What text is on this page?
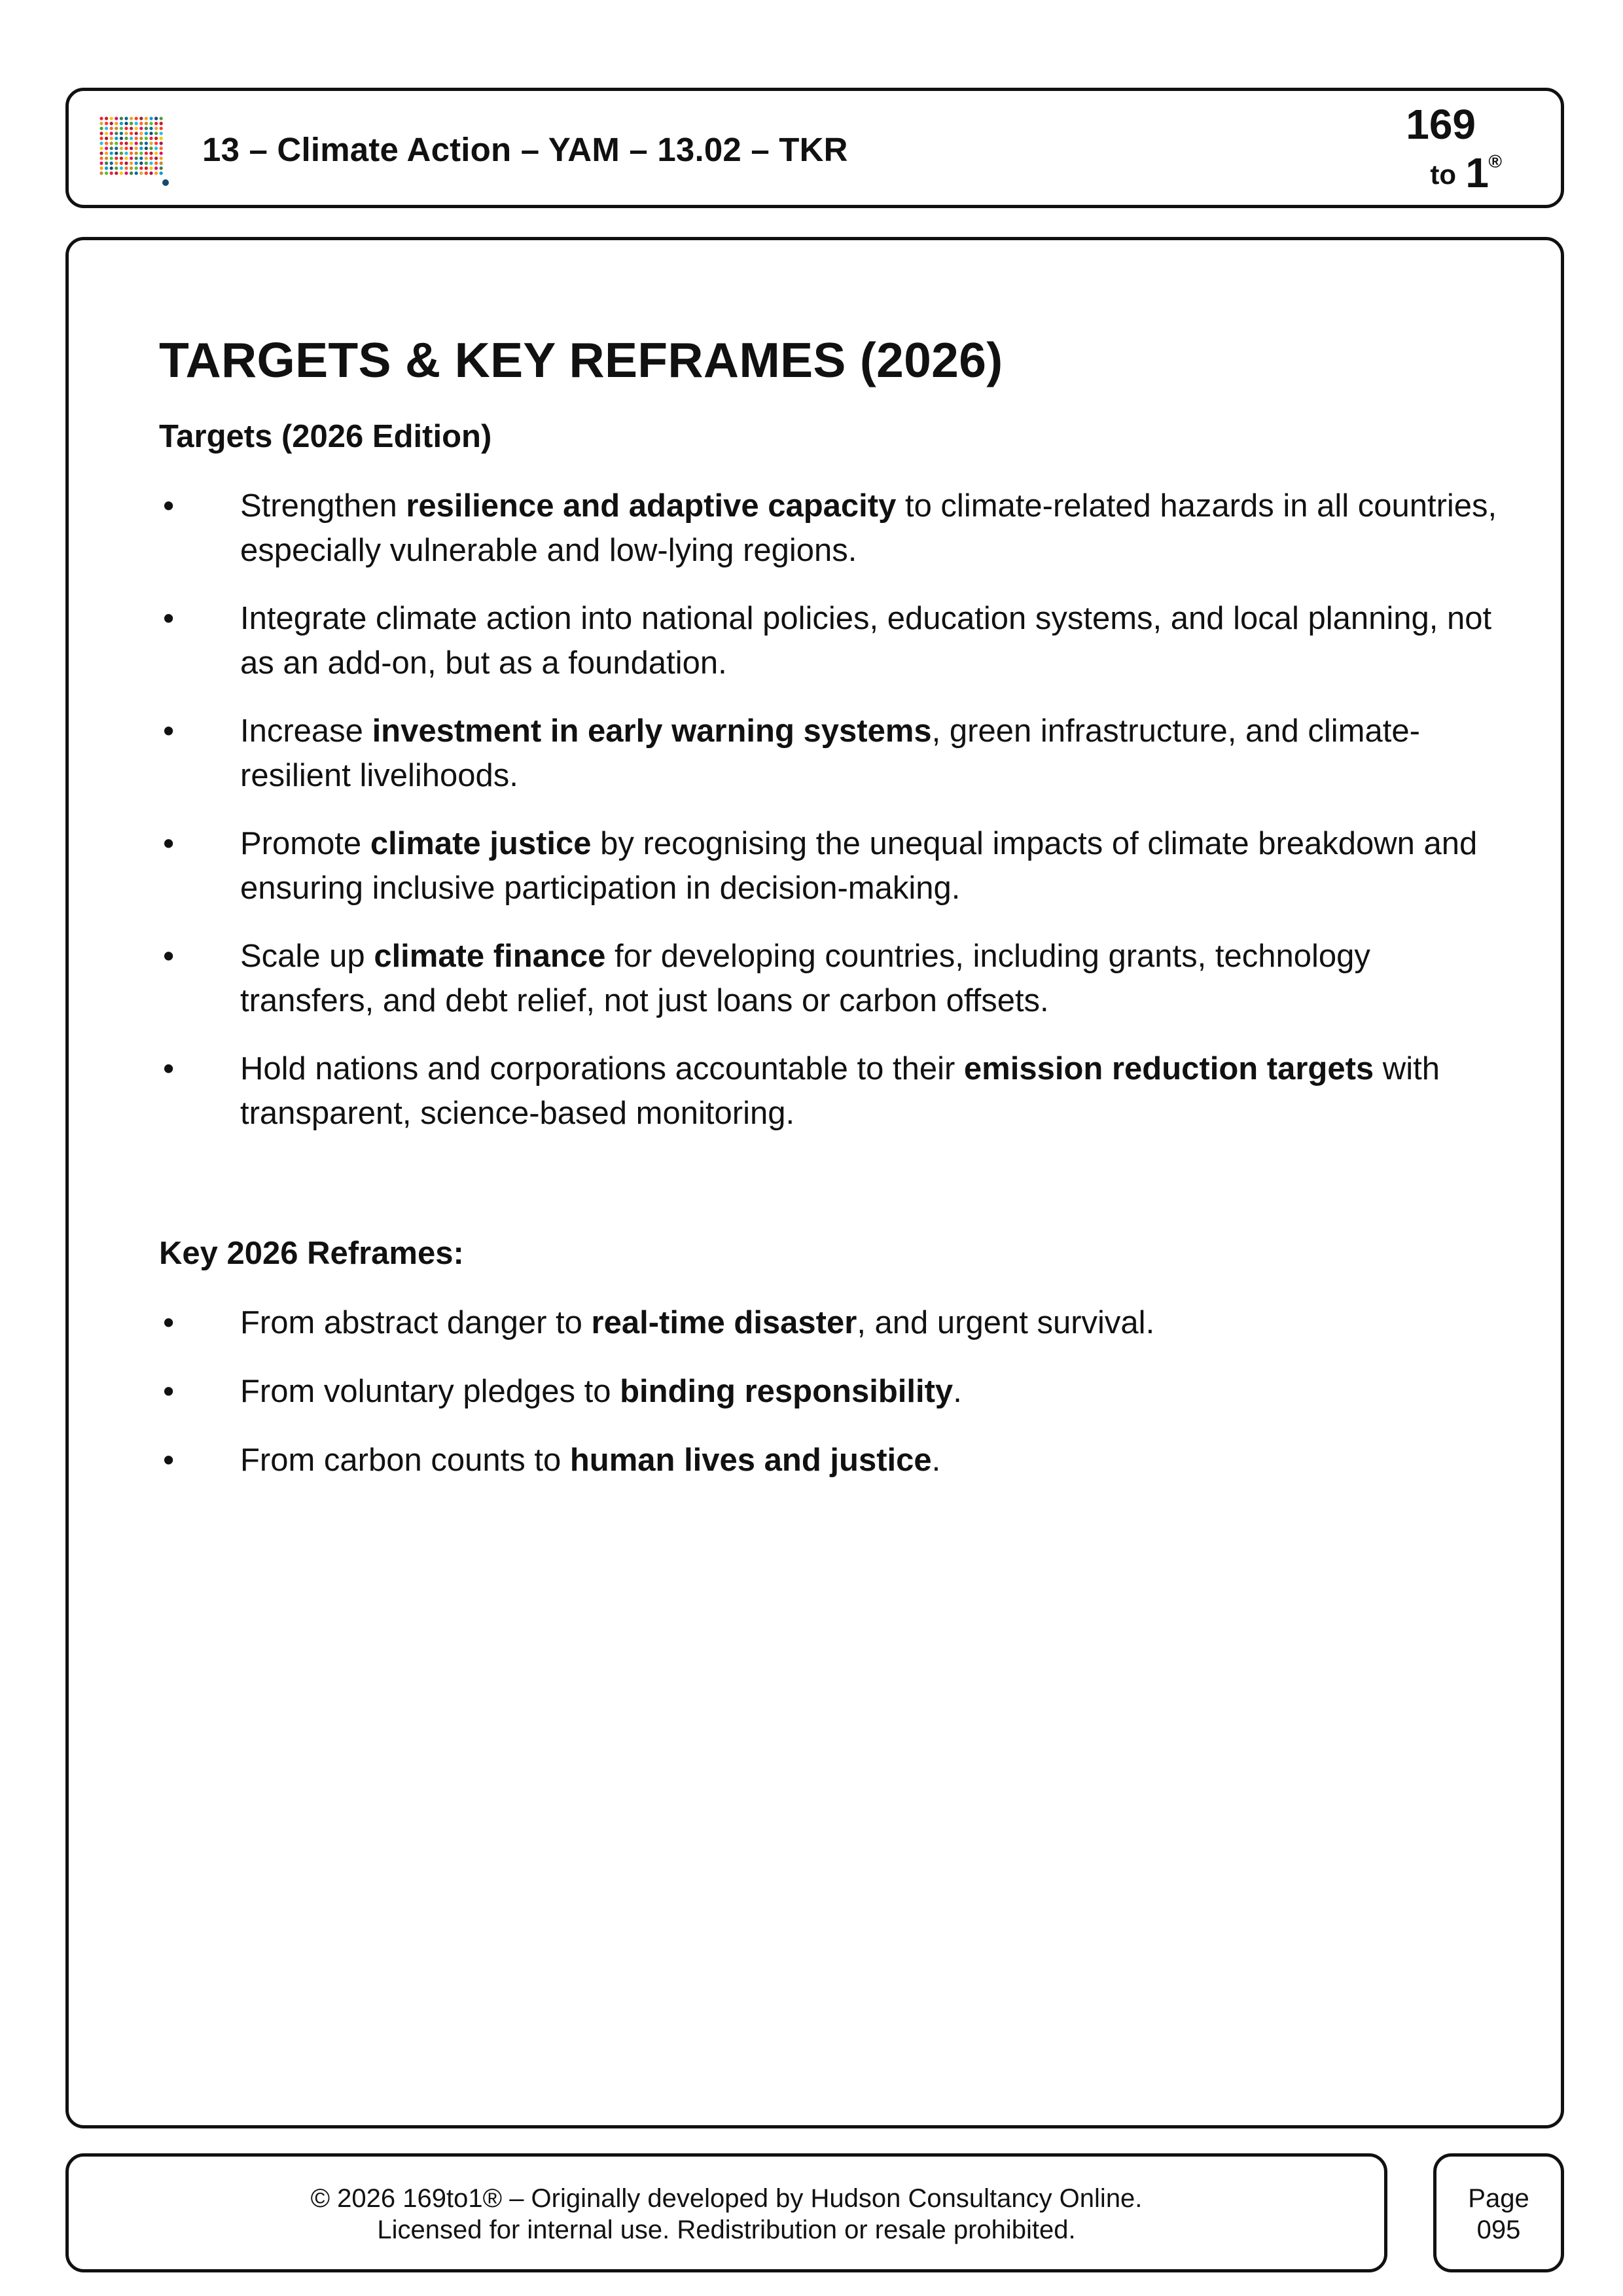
13 – Climate Action – YAM – 13.02 – TKR
169
to 1 ®
TARGETS & KEY REFRAMES (2026)
Targets (2026 Edition)
• Strengthen resilience and adaptive capacity to climate-related hazards in all countries, especially vulnerable and low-lying regions.
• Integrate climate action into national policies, education systems, and local planning, not as an add-on, but as a foundation.
• Increase investment in early warning systems, green infrastructure, and climate-resilient livelihoods.
• Promote climate justice by recognising the unequal impacts of climate breakdown and ensuring inclusive participation in decision-making.
• Scale up climate finance for developing countries, including grants, technology transfers, and debt relief, not just loans or carbon offsets.
• Hold nations and corporations accountable to their emission reduction targets with transparent, science-based monitoring.
Key 2026 Reframes:
• From abstract danger to real-time disaster, and urgent survival.
• From voluntary pledges to binding responsibility.
• From carbon counts to human lives and justice.
© 2026 169to1® – Originally developed by Hudson Consultancy Online.
Licensed for internal use. Redistribution or resale prohibited.
Page
095
